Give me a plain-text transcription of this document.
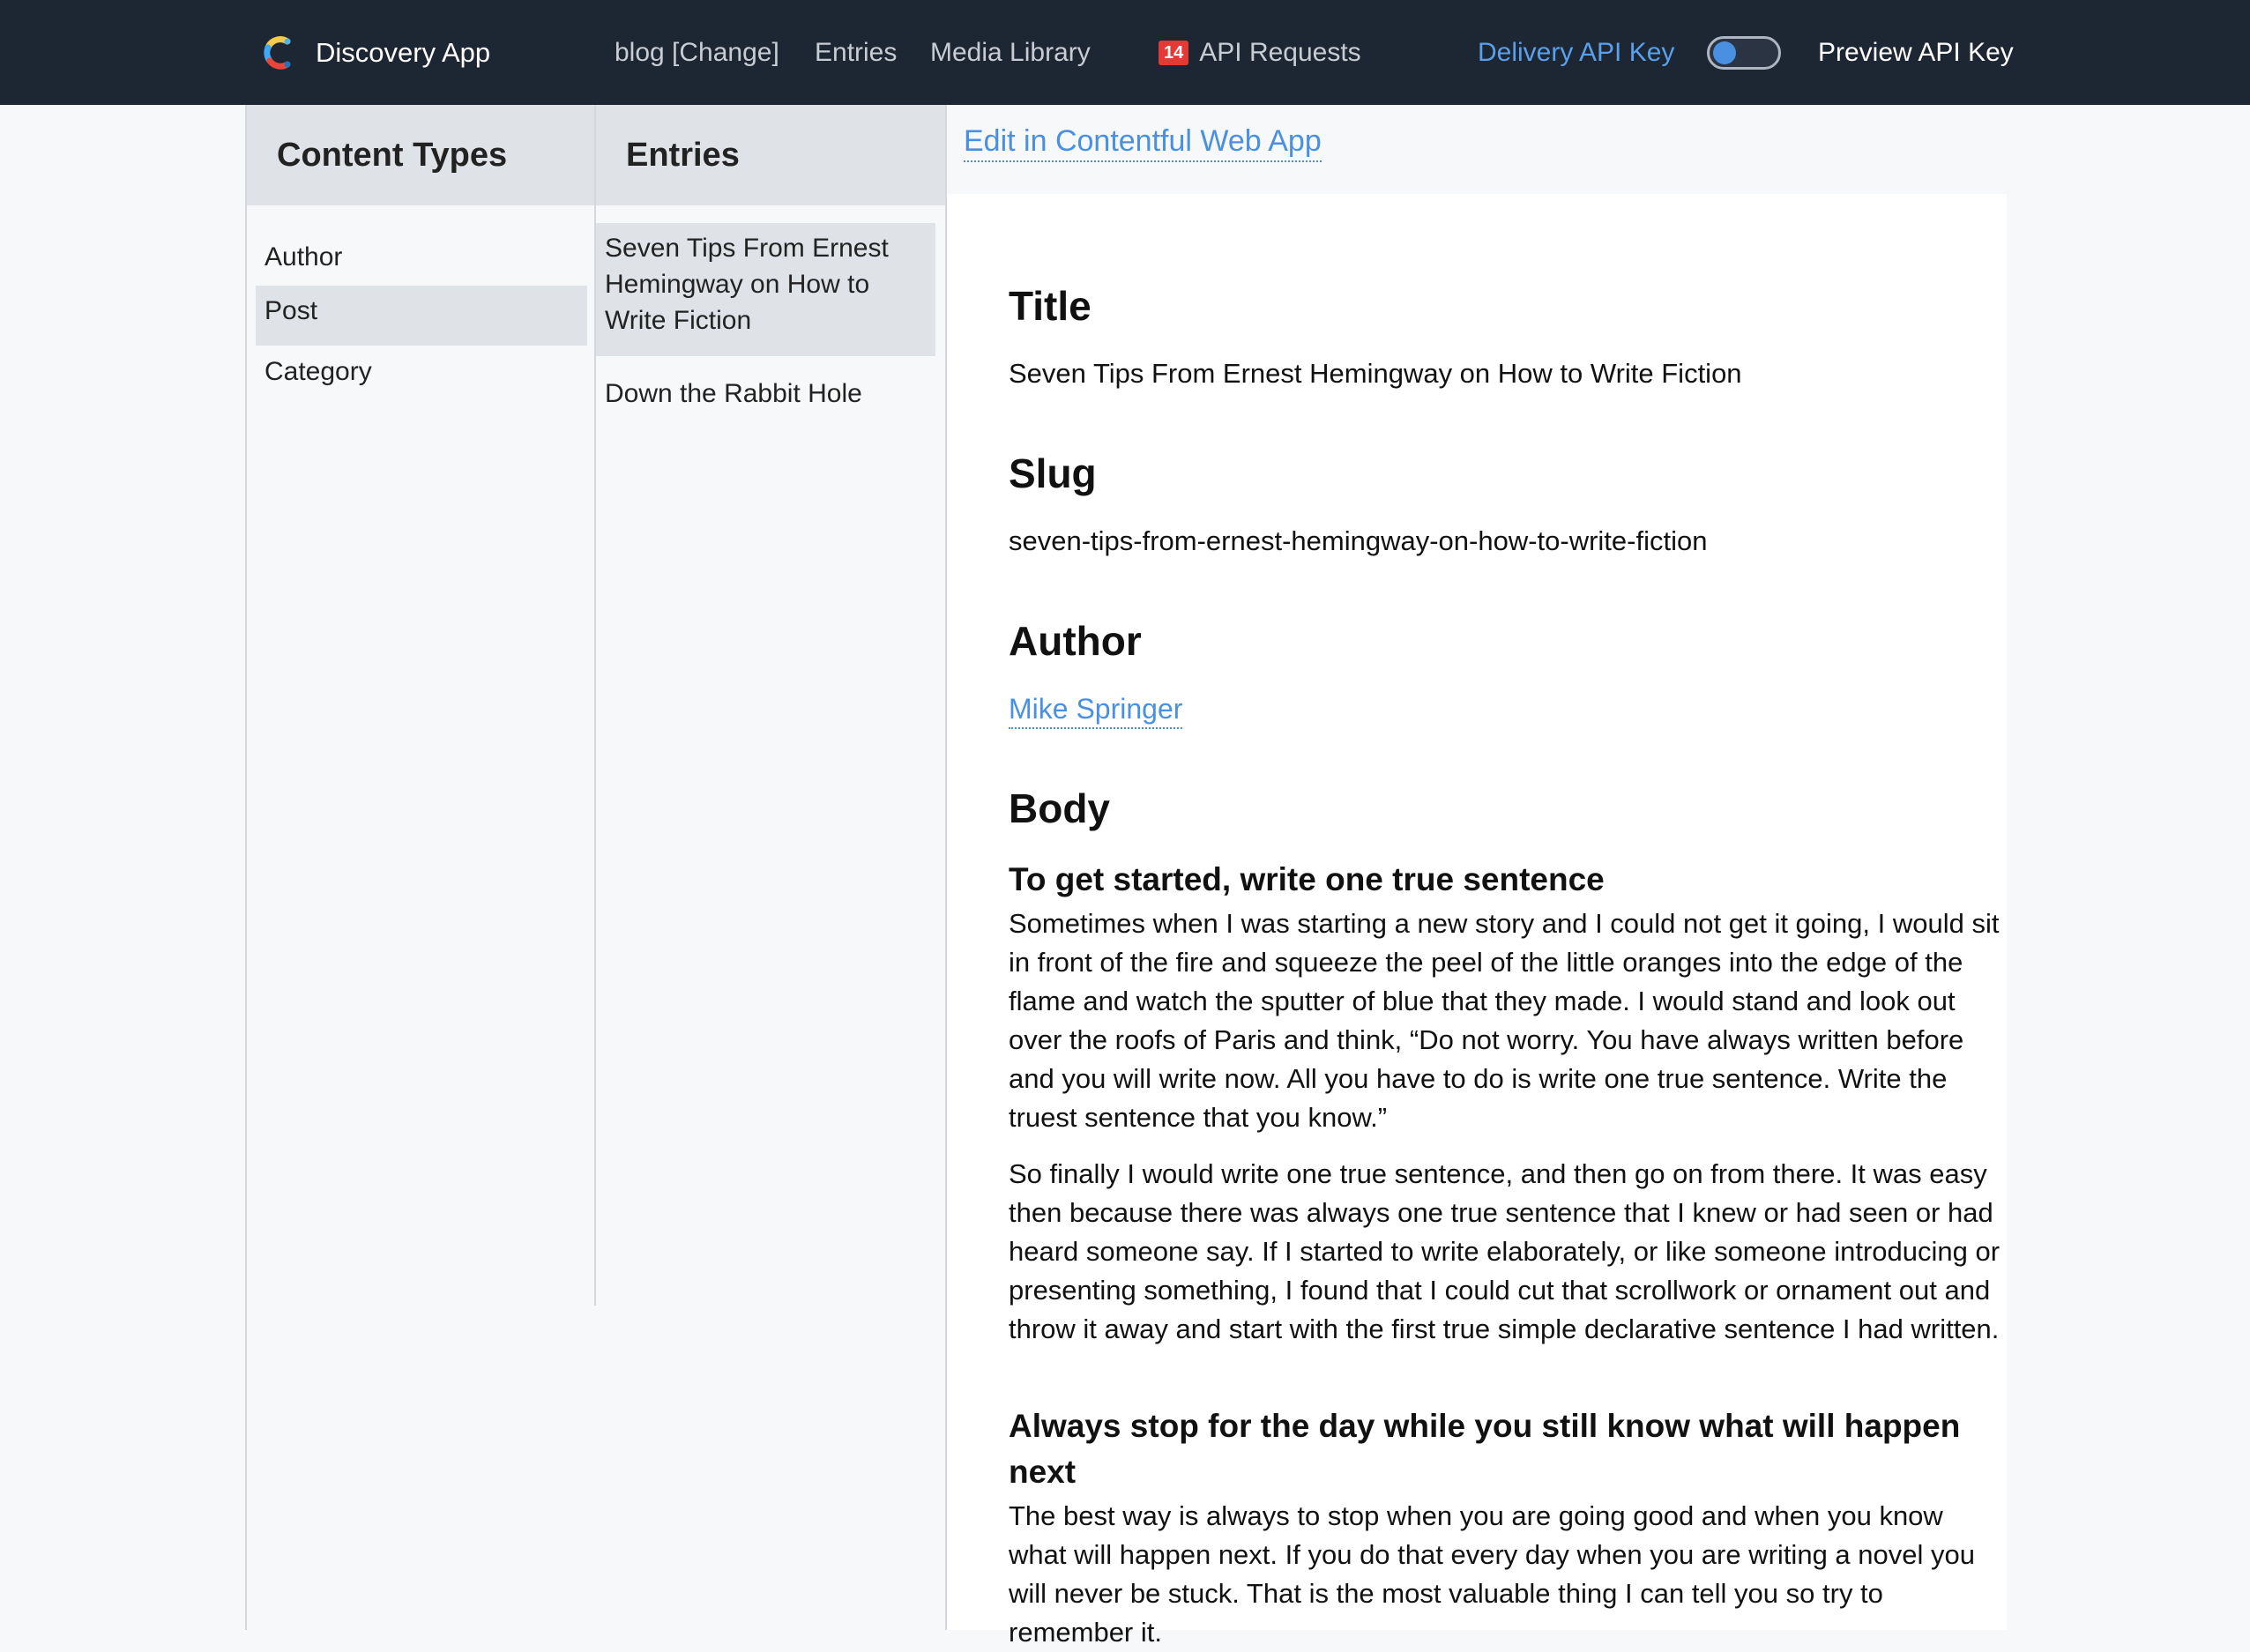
Discovery App	blog [Change] Entries Media Library	14 API Requests	Delivery API Key	Preview API Key
Content Types	Entries
Author
Post
Category
Seven Tips From Ernest Hemingway on How to Write Fiction
Down the Rabbit Hole
Edit in Contentful Web App
Title
Seven Tips From Ernest Hemingway on How to Write Fiction
Slug
seven-tips-from-ernest-hemingway-on-how-to-write-fiction
Author
Mike Springer
Body
To get started, write one true sentence
Sometimes when I was starting a new story and I could not get it going, I would sit in front of the fire and squeeze the peel of the little oranges into the edge of the flame and watch the sputter of blue that they made. I would stand and look out over the roofs of Paris and think, “Do not worry. You have always written before and you will write now. All you have to do is write one true sentence. Write the truest sentence that you know.”
So finally I would write one true sentence, and then go on from there. It was easy then because there was always one true sentence that I knew or had seen or had heard someone say. If I started to write elaborately, or like someone introducing or presenting something, I found that I could cut that scrollwork or ornament out and throw it away and start with the first true simple declarative sentence I had written.
Always stop for the day while you still know what will happen next
The best way is always to stop when you are going good and when you know what will happen next. If you do that every day when you are writing a novel you will never be stuck. That is the most valuable thing I can tell you so try to remember it.
